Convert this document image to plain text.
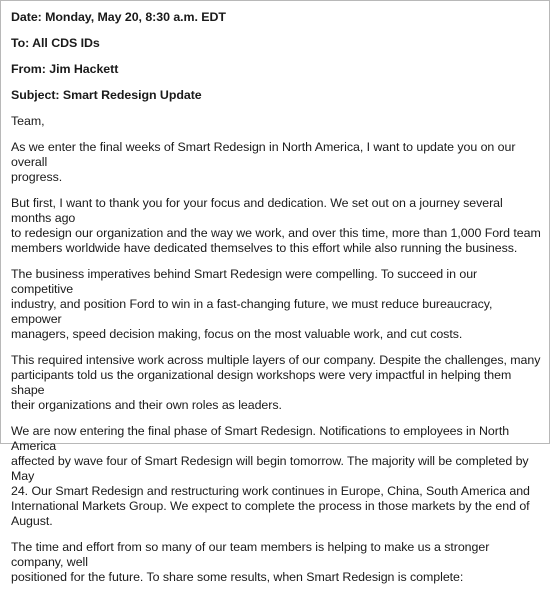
Date: Monday, May 20, 8:30 a.m. EDT
To: All CDS IDs
From: Jim Hackett
Subject: Smart Redesign Update
Team,
As we enter the final weeks of Smart Redesign in North America, I want to update you on our overall
progress.
But first, I want to thank you for your focus and dedication. We set out on a journey several months ago
to redesign our organization and the way we work, and over this time, more than 1,000 Ford team
members worldwide have dedicated themselves to this effort while also running the business.
The business imperatives behind Smart Redesign were compelling. To succeed in our competitive
industry, and position Ford to win in a fast-changing future, we must reduce bureaucracy, empower
managers, speed decision making, focus on the most valuable work, and cut costs.
This required intensive work across multiple layers of our company. Despite the challenges, many
participants told us the organizational design workshops were very impactful in helping them shape
their organizations and their own roles as leaders.
We are now entering the final phase of Smart Redesign. Notifications to employees in North America
affected by wave four of Smart Redesign will begin tomorrow. The majority will be completed by May
24. Our Smart Redesign and restructuring work continues in Europe, China, South America and
International Markets Group. We expect to complete the process in those markets by the end of August.
The time and effort from so many of our team members is helping to make us a stronger company, well
positioned for the future. To share some results, when Smart Redesign is complete:
